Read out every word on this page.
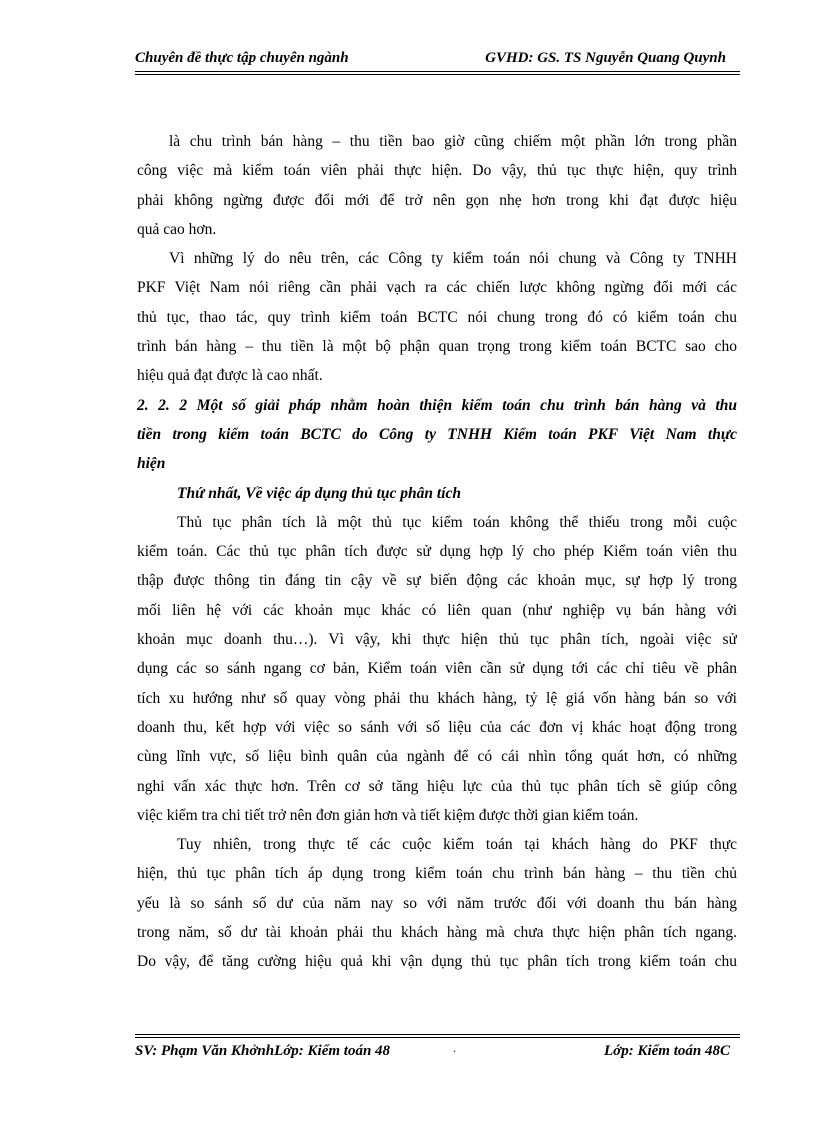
Chuyên đề thực tập chuyên ngành	GVHD: GS. TS Nguyễn Quang Quynh
là chu trình bán hàng – thu tiền bao giờ cũng chiếm một phần lớn trong phần
công việc mà kiểm toán viên phải thực hiện. Do vậy, thủ tục thực hiện, quy trình
phải không ngừng được đổi mới để trở nên gọn nhẹ hơn trong khi đạt được hiệu
quả cao hơn.
Vì những lý do nêu trên, các Công ty kiểm toán nói chung và Công ty TNHH
PKF Việt Nam nói riêng cần phải vạch ra các chiến lược không ngừng đổi mới các
thủ tục, thao tác, quy trình kiểm toán BCTC nói chung trong đó có kiểm toán chu
trình bán hàng – thu tiền là một bộ phận quan trọng trong kiểm toán BCTC sao cho
hiệu quả đạt được là cao nhất.
2. 2. 2 Một số giải pháp nhằm hoàn thiện kiểm toán chu trình bán hàng và thu
tiền trong kiểm toán BCTC do Công ty TNHH Kiểm toán PKF Việt Nam thực
hiện
Thứ nhất, Về việc áp dụng thủ tục phân tích
Thủ tục phân tích là một thủ tục kiểm toán không thể thiếu trong mỗi cuộc
kiểm toán. Các thủ tục phân tích được sử dụng hợp lý cho phép Kiểm toán viên thu
thập được thông tin đáng tin cậy về sự biến động các khoản mục, sự hợp lý trong
mối liên hệ với các khoản mục khác có liên quan (như nghiệp vụ bán hàng với
khoản mục doanh thu…). Vì vậy, khi thực hiện thủ tục phân tích, ngoài việc sử
dụng các so sánh ngang cơ bản, Kiểm toán viên cần sử dụng tới các chỉ tiêu về phân
tích xu hướng như số quay vòng phải thu khách hàng, tỷ lệ giá vốn hàng bán so với
doanh thu, kết hợp với việc so sánh với số liệu của các đơn vị khác hoạt động trong
cùng lĩnh vực, số liệu bình quân của ngành để có cái nhìn tổng quát hơn, có những
nghi vấn xác thực hơn. Trên cơ sở tăng hiệu lực của thủ tục phân tích sẽ giúp công
việc kiểm tra chi tiết trở nên đơn giản hơn và tiết kiệm được thời gian kiểm toán.
Tuy nhiên, trong thực tế các cuộc kiểm toán tại khách hàng do PKF thực
hiện, thủ tục phân tích áp dụng trong kiểm toán chu trình bán hàng – thu tiền chủ
yếu là so sánh số dư của năm nay so với năm trước đối với doanh thu bán hàng
trong năm, số dư tài khoản phải thu khách hàng mà chưa thực hiện phân tích ngang.
Do vậy, để tăng cường hiệu quả khi vận dụng thủ tục phân tích trong kiểm toán chu
SV: Phạm Văn KhởnhLớp: Kiểm toán 48	.	Lớp: Kiểm toán 48C
